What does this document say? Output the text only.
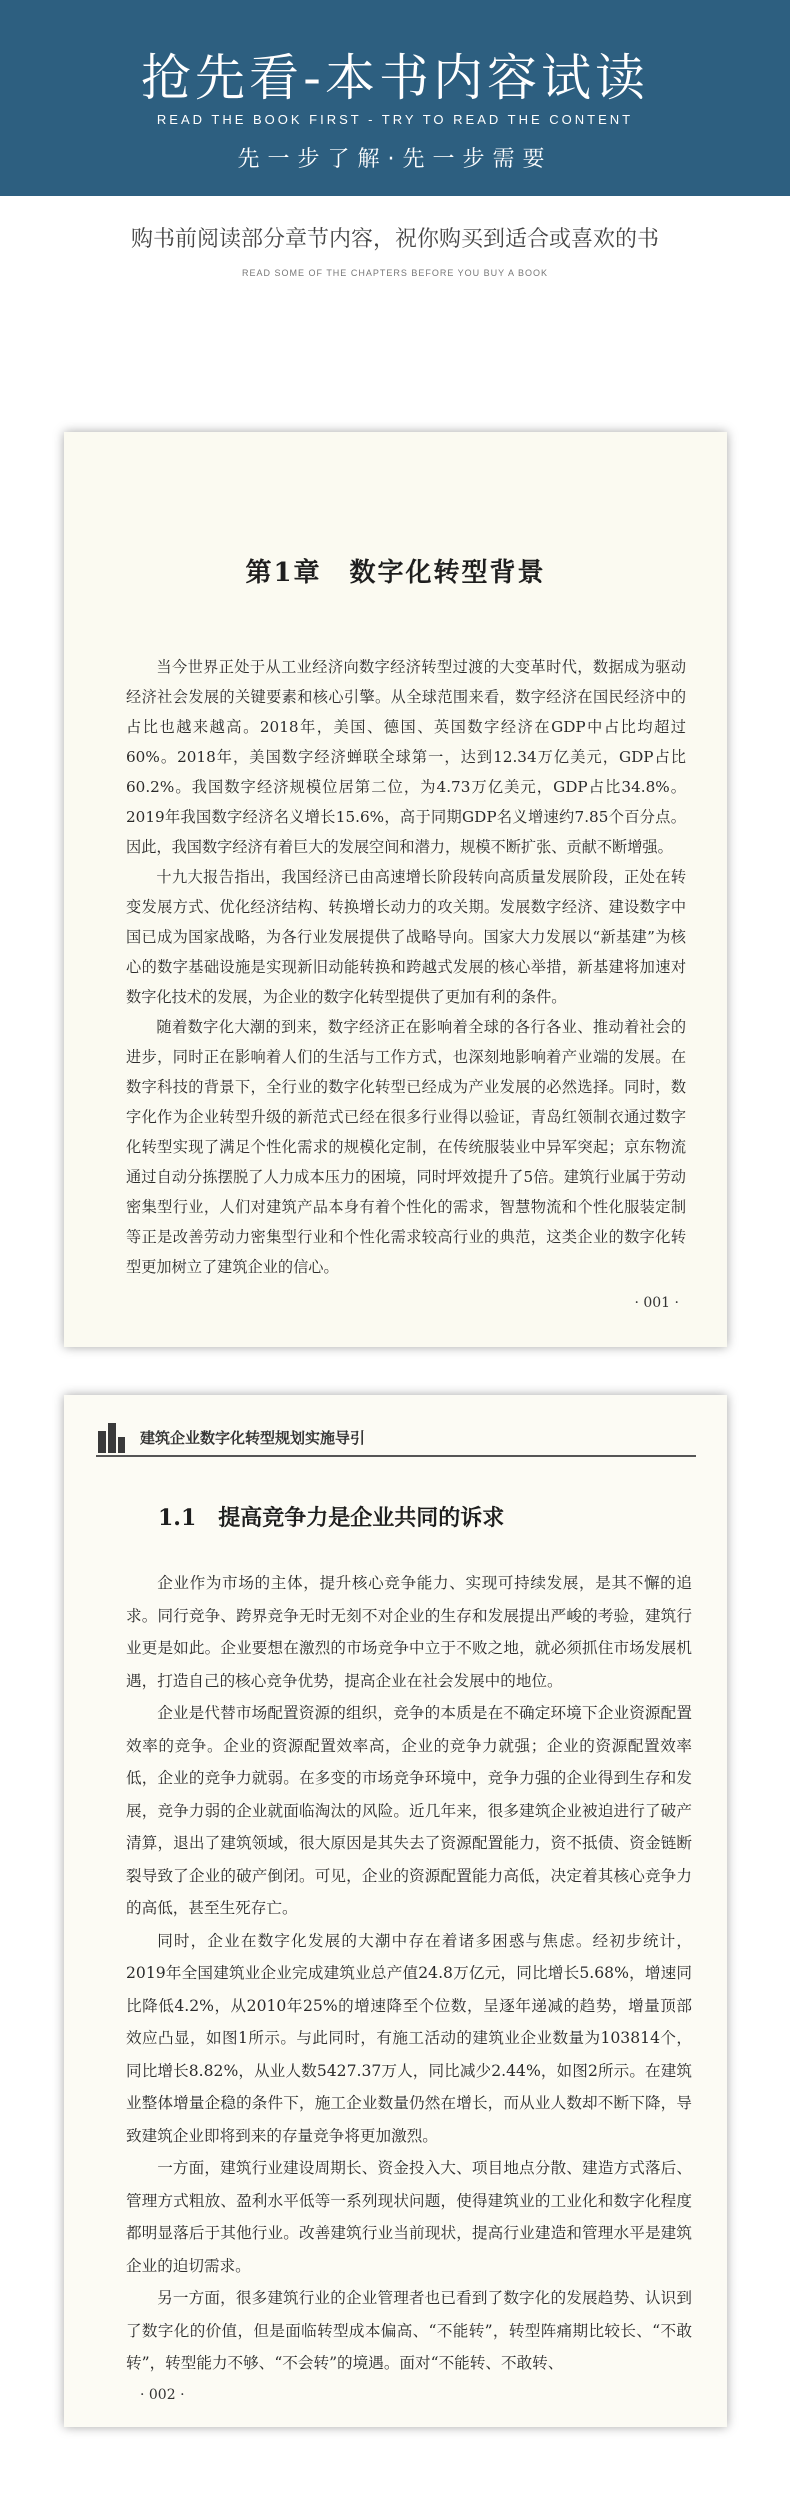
抢先看-本书内容试读
READ THE BOOK FIRST - TRY TO READ THE CONTENT
先一步了解·先一步需要
购书前阅读部分章节内容，祝你购买到适合或喜欢的书
READ SOME OF THE CHAPTERS BEFORE YOU BUY A BOOK
第1章　数字化转型背景

当今世界正处于从工业经济向数字经济转型过渡的大变革时代，数据成为驱动经济社会发展的关键要素和核心引擎。从全球范围来看，数字经济在国民经济中的占比也越来越高。2018年，美国、德国、英国数字经济在GDP中占比均超过60%。2018年，美国数字经济蝉联全球第一，达到12.34万亿美元，GDP占比60.2%。我国数字经济规模位居第二位，为4.73万亿美元，GDP占比34.8%。2019年我国数字经济名义增长15.6%，高于同期GDP名义增速约7.85个百分点。因此，我国数字经济有着巨大的发展空间和潜力，规模不断扩张、贡献不断增强。

十九大报告指出，我国经济已由高速增长阶段转向高质量发展阶段，正处在转变发展方式、优化经济结构、转换增长动力的攻关期。发展数字经济、建设数字中国已成为国家战略，为各行业发展提供了战略导向。国家大力发展以“新基建”为核心的数字基础设施是实现新旧动能转换和跨越式发展的核心举措，新基建将加速对数字化技术的发展，为企业的数字化转型提供了更加有利的条件。

随着数字化大潮的到来，数字经济正在影响着全球的各行各业、推动着社会的进步，同时正在影响着人们的生活与工作方式，也深刻地影响着产业端的发展。在数字科技的背景下，全行业的数字化转型已经成为产业发展的必然选择。同时，数字化作为企业转型升级的新范式已经在很多行业得以验证，青岛红领制衣通过数字化转型实现了满足个性化需求的规模化定制，在传统服装业中异军突起；京东物流通过自动分拣摆脱了人力成本压力的困境，同时坪效提升了5倍。建筑行业属于劳动密集型行业，人们对建筑产品本身有着个性化的需求，智慧物流和个性化服装定制等正是改善劳动力密集型行业和个性化需求较高行业的典范，这类企业的数字化转型更加树立了建筑企业的信心。

· 001 ·
建筑企业数字化转型规划实施导引
1.1　提高竞争力是企业共同的诉求

企业作为市场的主体，提升核心竞争能力、实现可持续发展，是其不懈的追求。同行竞争、跨界竞争无时无刻不对企业的生存和发展提出严峻的考验，建筑行业更是如此。企业要想在激烈的市场竞争中立于不败之地，就必须抓住市场发展机遇，打造自己的核心竞争优势，提高企业在社会发展中的地位。

企业是代替市场配置资源的组织，竞争的本质是在不确定环境下企业资源配置效率的竞争。企业的资源配置效率高，企业的竞争力就强；企业的资源配置效率低，企业的竞争力就弱。在多变的市场竞争环境中，竞争力强的企业得到生存和发展，竞争力弱的企业就面临淘汰的风险。近几年来，很多建筑企业被迫进行了破产清算，退出了建筑领域，很大原因是其失去了资源配置能力，资不抵债、资金链断裂导致了企业的破产倒闭。可见，企业的资源配置能力高低，决定着其核心竞争力的高低，甚至生死存亡。

同时，企业在数字化发展的大潮中存在着诸多困惑与焦虑。经初步统计，2019年全国建筑业企业完成建筑业总产值24.8万亿元，同比增长5.68%，增速同比降低4.2%，从2010年25%的增速降至个位数，呈逐年递减的趋势，增量顶部效应凸显，如图1所示。与此同时，有施工活动的建筑业企业数量为103814个，同比增长8.82%，从业人数5427.37万人，同比减少2.44%，如图2所示。在建筑业整体增量企稳的条件下，施工企业数量仍然在增长，而从业人数却不断下降，导致建筑企业即将到来的存量竞争将更加激烈。

一方面，建筑行业建设周期长、资金投入大、项目地点分散、建造方式落后、管理方式粗放、盈利水平低等一系列现状问题，使得建筑业的工业化和数字化程度都明显落后于其他行业。改善建筑行业当前现状，提高行业建造和管理水平是建筑企业的迫切需求。

另一方面，很多建筑行业的企业管理者也已看到了数字化的发展趋势、认识到了数字化的价值，但是面临转型成本偏高、“不能转”，转型阵痛期比较长、“不敢转”，转型能力不够、“不会转”的境遇。面对“不能转、不敢转、

· 002 ·
